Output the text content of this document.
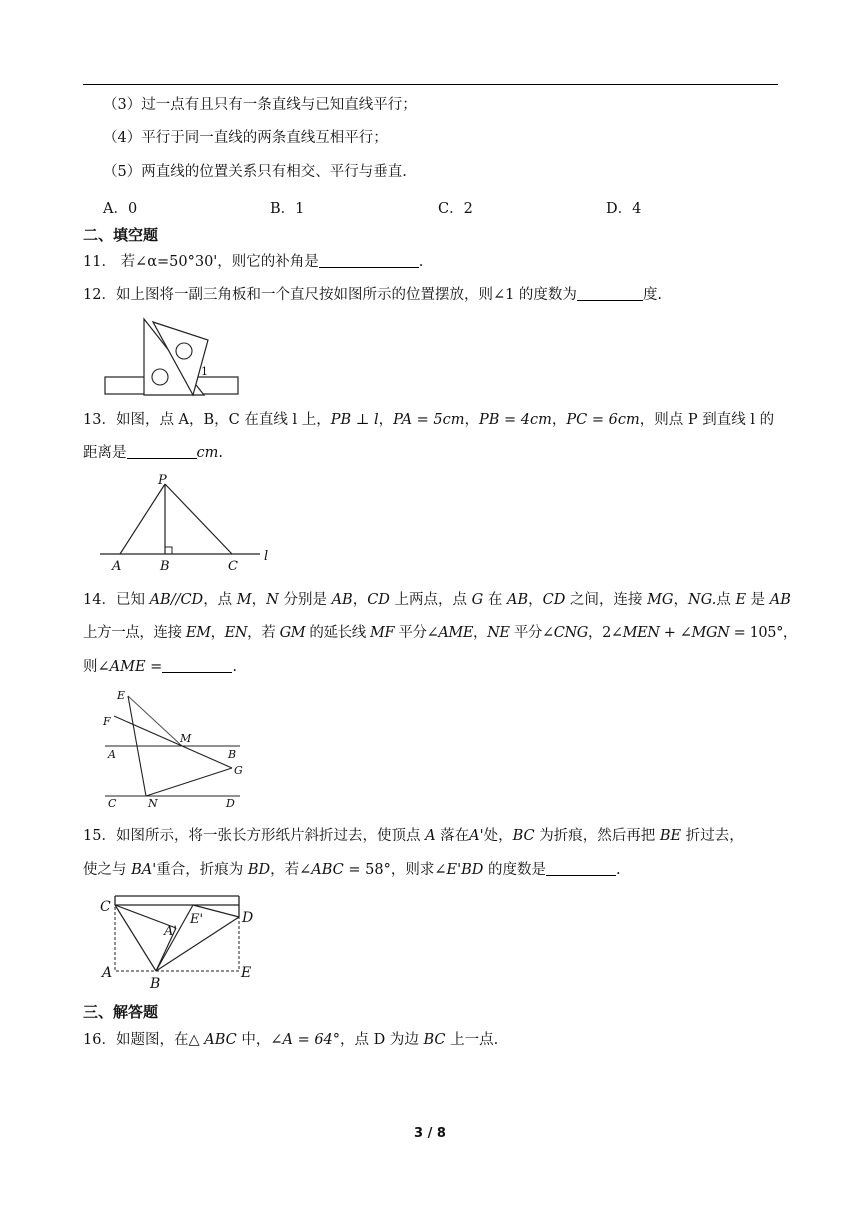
（3）过一点有且只有一条直线与已知直线平行；
（4）平行于同一直线的两条直线互相平行；
（5）两直线的位置关系只有相交、平行与垂直.
A．0	B．1	C．2	D．4
二、填空题
11． 若∠α=50°30'，则它的补角是	.
12．如上图将一副三角板和一个直尺按如图所示的位置摆放，则∠1 的度数为	度.
1
13．如图，点 A，B，C 在直线 l 上，PB ⊥ l，PA = 5cm，PB = 4cm，PC = 6cm，则点 P 到直线 l 的
距离是	cm.
P
A	B	C
l
14．已知 AB//CD，点 M，N 分别是 AB，CD 上两点，点 G 在 AB，CD 之间，连接 MG，NG.点 E 是 AB
上方一点，连接 EM，EN，若 GM 的延长线 MF 平分∠AME，NE 平分∠CNG，2∠MEN + ∠MGN = 105°，
则∠AME =	.
E
F
M
A	B
G
C	N	D
15．如图所示，将一张长方形纸片斜折过去，使顶点 A 落在A'处，BC 为折痕，然后再把 BE 折过去，
使之与 BA'重合，折痕为 BD，若∠ABC = 58°，则求∠E'BD 的度数是	.
C
A'
E'	D
A
B
E
三、解答题
16．如题图，在△ ABC 中，∠A = 64°，点 D 为边 BC 上一点.
3 / 8
